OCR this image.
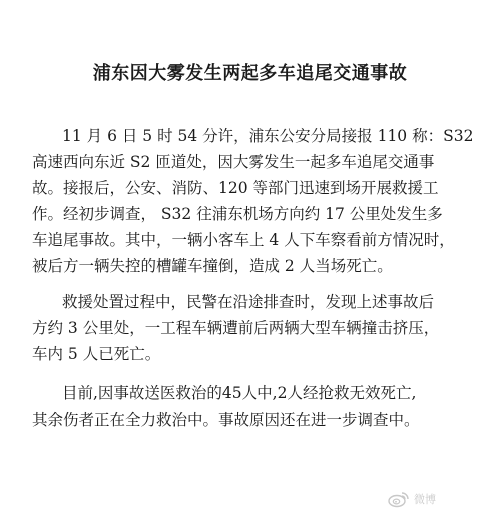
浦东因大雾发生两起多车追尾交通事故
11 月 6 日 5 时 54 分许，浦东公安分局接报 110 称：S32
高速西向东近 S2 匝道处，因大雾发生一起多车追尾交通事
故。接报后，公安、消防、120 等部门迅速到场开展救援工
作。经初步调查， S32 往浦东机场方向约 17 公里处发生多
车追尾事故。其中，一辆小客车上 4 人下车察看前方情况时，
被后方一辆失控的槽罐车撞倒，造成 2 人当场死亡。
救援处置过程中，民警在沿途排查时，发现上述事故后
方约 3 公里处，一工程车辆遭前后两辆大型车辆撞击挤压，
车内 5 人已死亡。
目前,因事故送医救治的45人中,2人经抢救无效死亡,
其余伤者正在全力救治中。事故原因还在进一步调查中。
微博
